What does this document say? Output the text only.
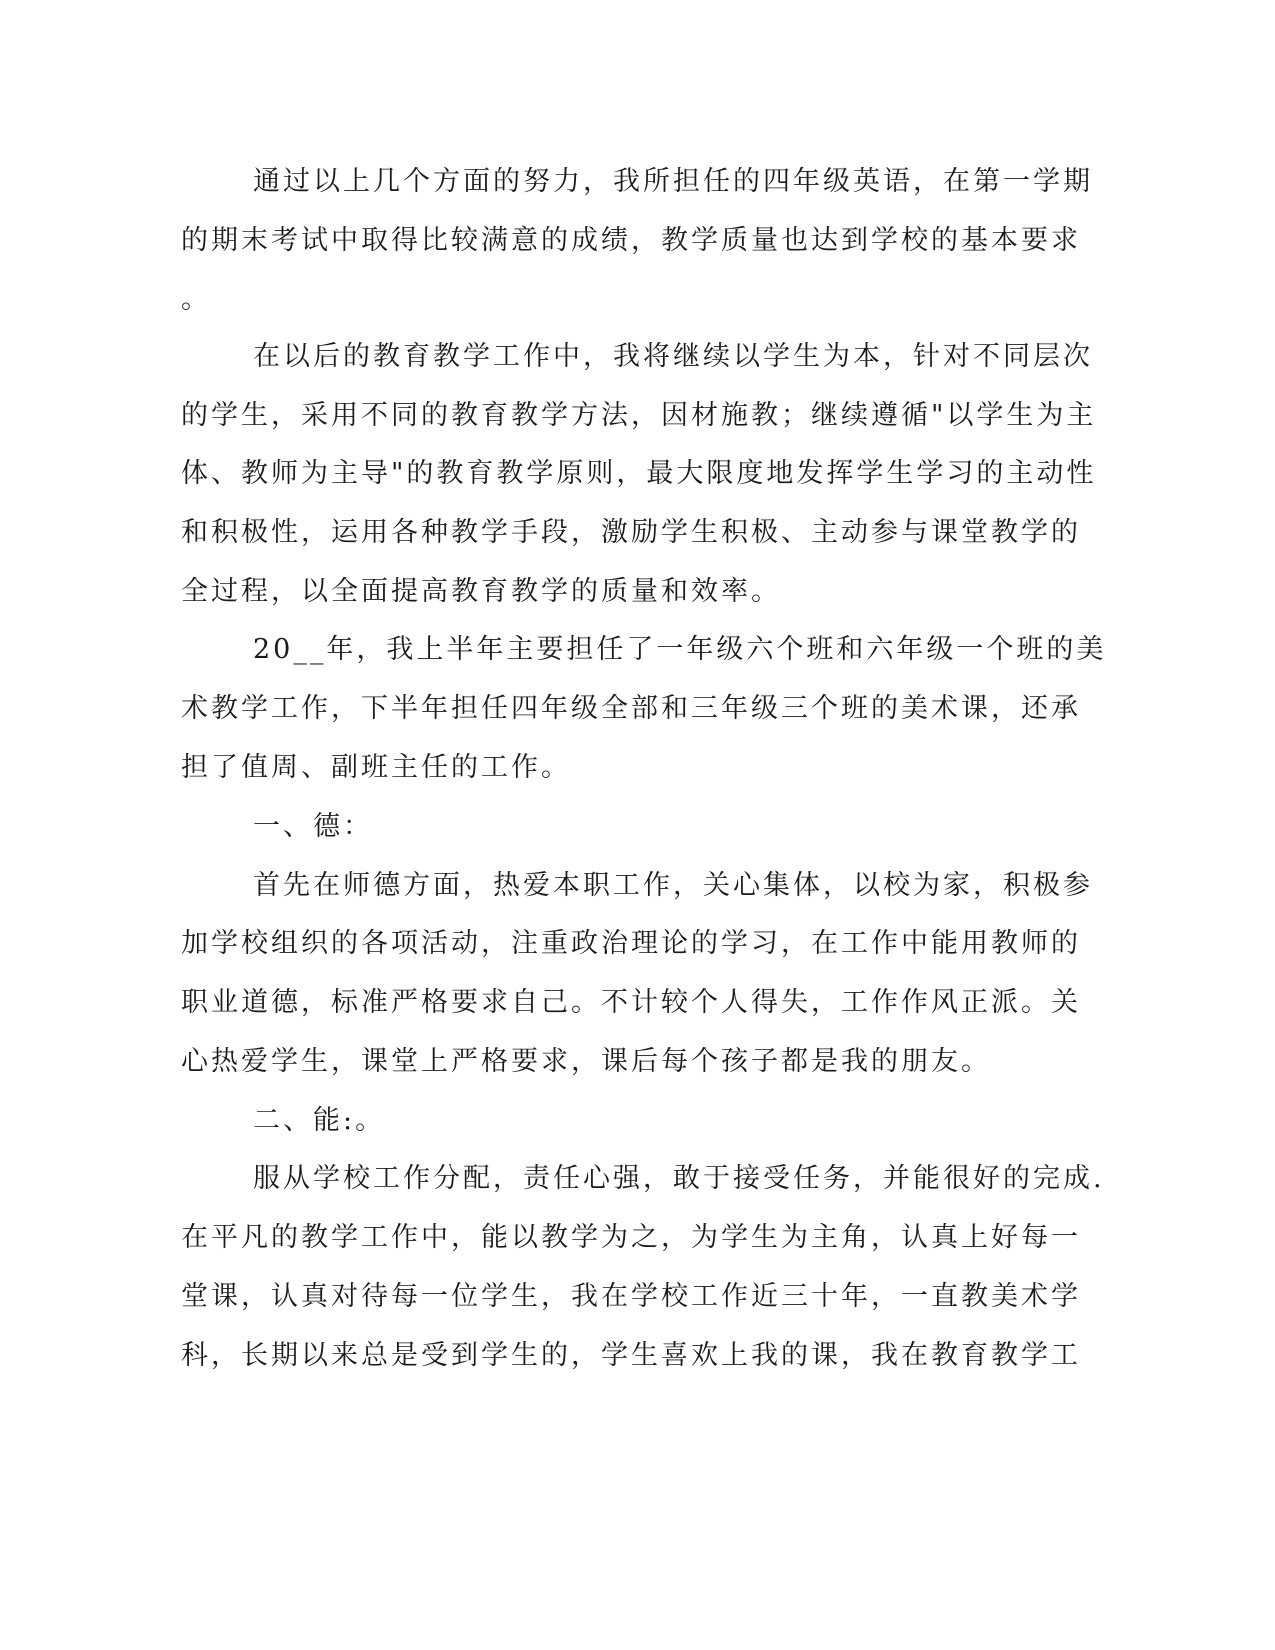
通过以上几个方面的努力，我所担任的四年级英语，在第一学期
的期末考试中取得比较满意的成绩，教学质量也达到学校的基本要求
。
在以后的教育教学工作中，我将继续以学生为本，针对不同层次
的学生，采用不同的教育教学方法，因材施教；继续遵循"以学生为主
体、教师为主导"的教育教学原则，最大限度地发挥学生学习的主动性
和积极性，运用各种教学手段，激励学生积极、主动参与课堂教学的
全过程，以全面提高教育教学的质量和效率。
20__年，我上半年主要担任了一年级六个班和六年级一个班的美
术教学工作，下半年担任四年级全部和三年级三个班的美术课，还承
担了值周、副班主任的工作。
一、德：
首先在师德方面，热爱本职工作，关心集体，以校为家，积极参
加学校组织的各项活动，注重政治理论的学习，在工作中能用教师的
职业道德，标准严格要求自己。不计较个人得失，工作作风正派。关
心热爱学生，课堂上严格要求，课后每个孩子都是我的朋友。
二、能:。
服从学校工作分配，责任心强，敢于接受任务，并能很好的完成.
在平凡的教学工作中，能以教学为之，为学生为主角，认真上好每一
堂课，认真对待每一位学生，我在学校工作近三十年，一直教美术学
科，长期以来总是受到学生的，学生喜欢上我的课，我在教育教学工
